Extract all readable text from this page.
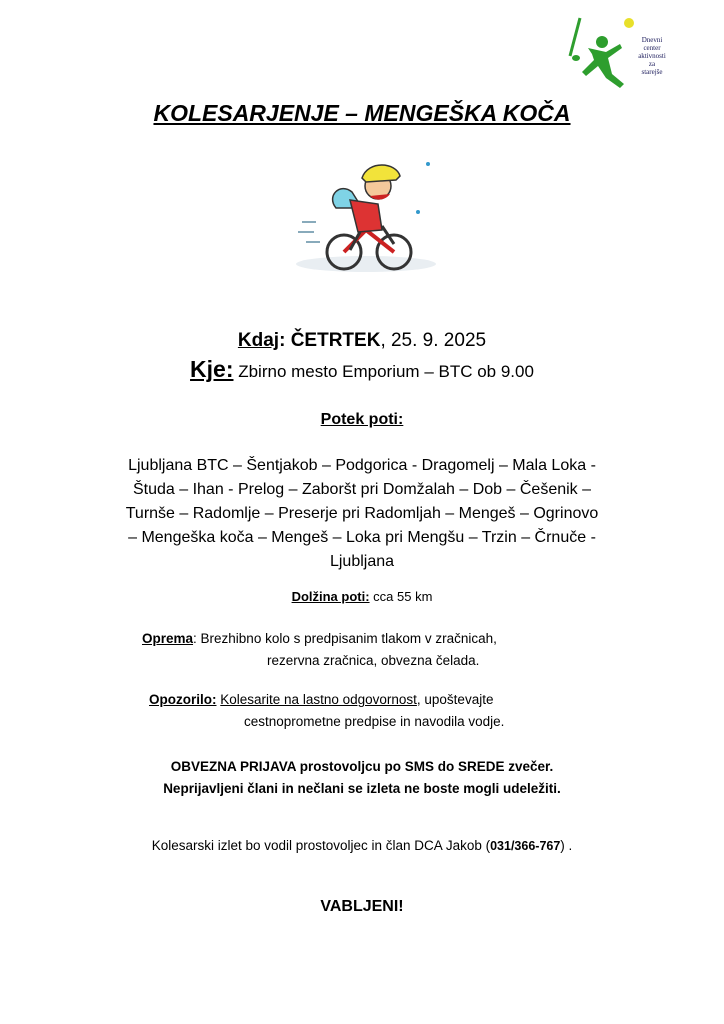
Dnevni
center
aktivnosti
za
starejše
KOLESARJENJE – MENGEŠKA KOČA
Kdaj: ČETRTEK, 25. 9. 2025
Kje: Zbirno mesto Emporium – BTC ob 9.00
Potek poti:
Ljubljana BTC – Šentjakob – Podgorica - Dragomelj – Mala Loka -
Študa – Ihan - Prelog – Zaboršt pri Domžalah – Dob – Češenik –
Turnše – Radomlje – Preserje pri Radomljah – Mengeš – Ogrinovo
– Mengeška koča – Mengeš – Loka pri Mengšu – Trzin – Črnuče -
Ljubljana
Dolžina poti: cca 55 km
Oprema: Brezhibno kolo s predpisanim tlakom v zračnicah,
rezervna zračnica, obvezna čelada.
Opozorilo: Kolesarite na lastno odgovornost, upoštevajte
cestnoprometne predpise in navodila vodje.
OBVEZNA PRIJAVA prostovoljcu po SMS do SREDE zvečer.
Neprijavljeni člani in nečlani se izleta ne boste mogli udeležiti.
Kolesarski izlet bo vodil prostovoljec in član DCA Jakob (031/366-767) .
VABLJENI!
